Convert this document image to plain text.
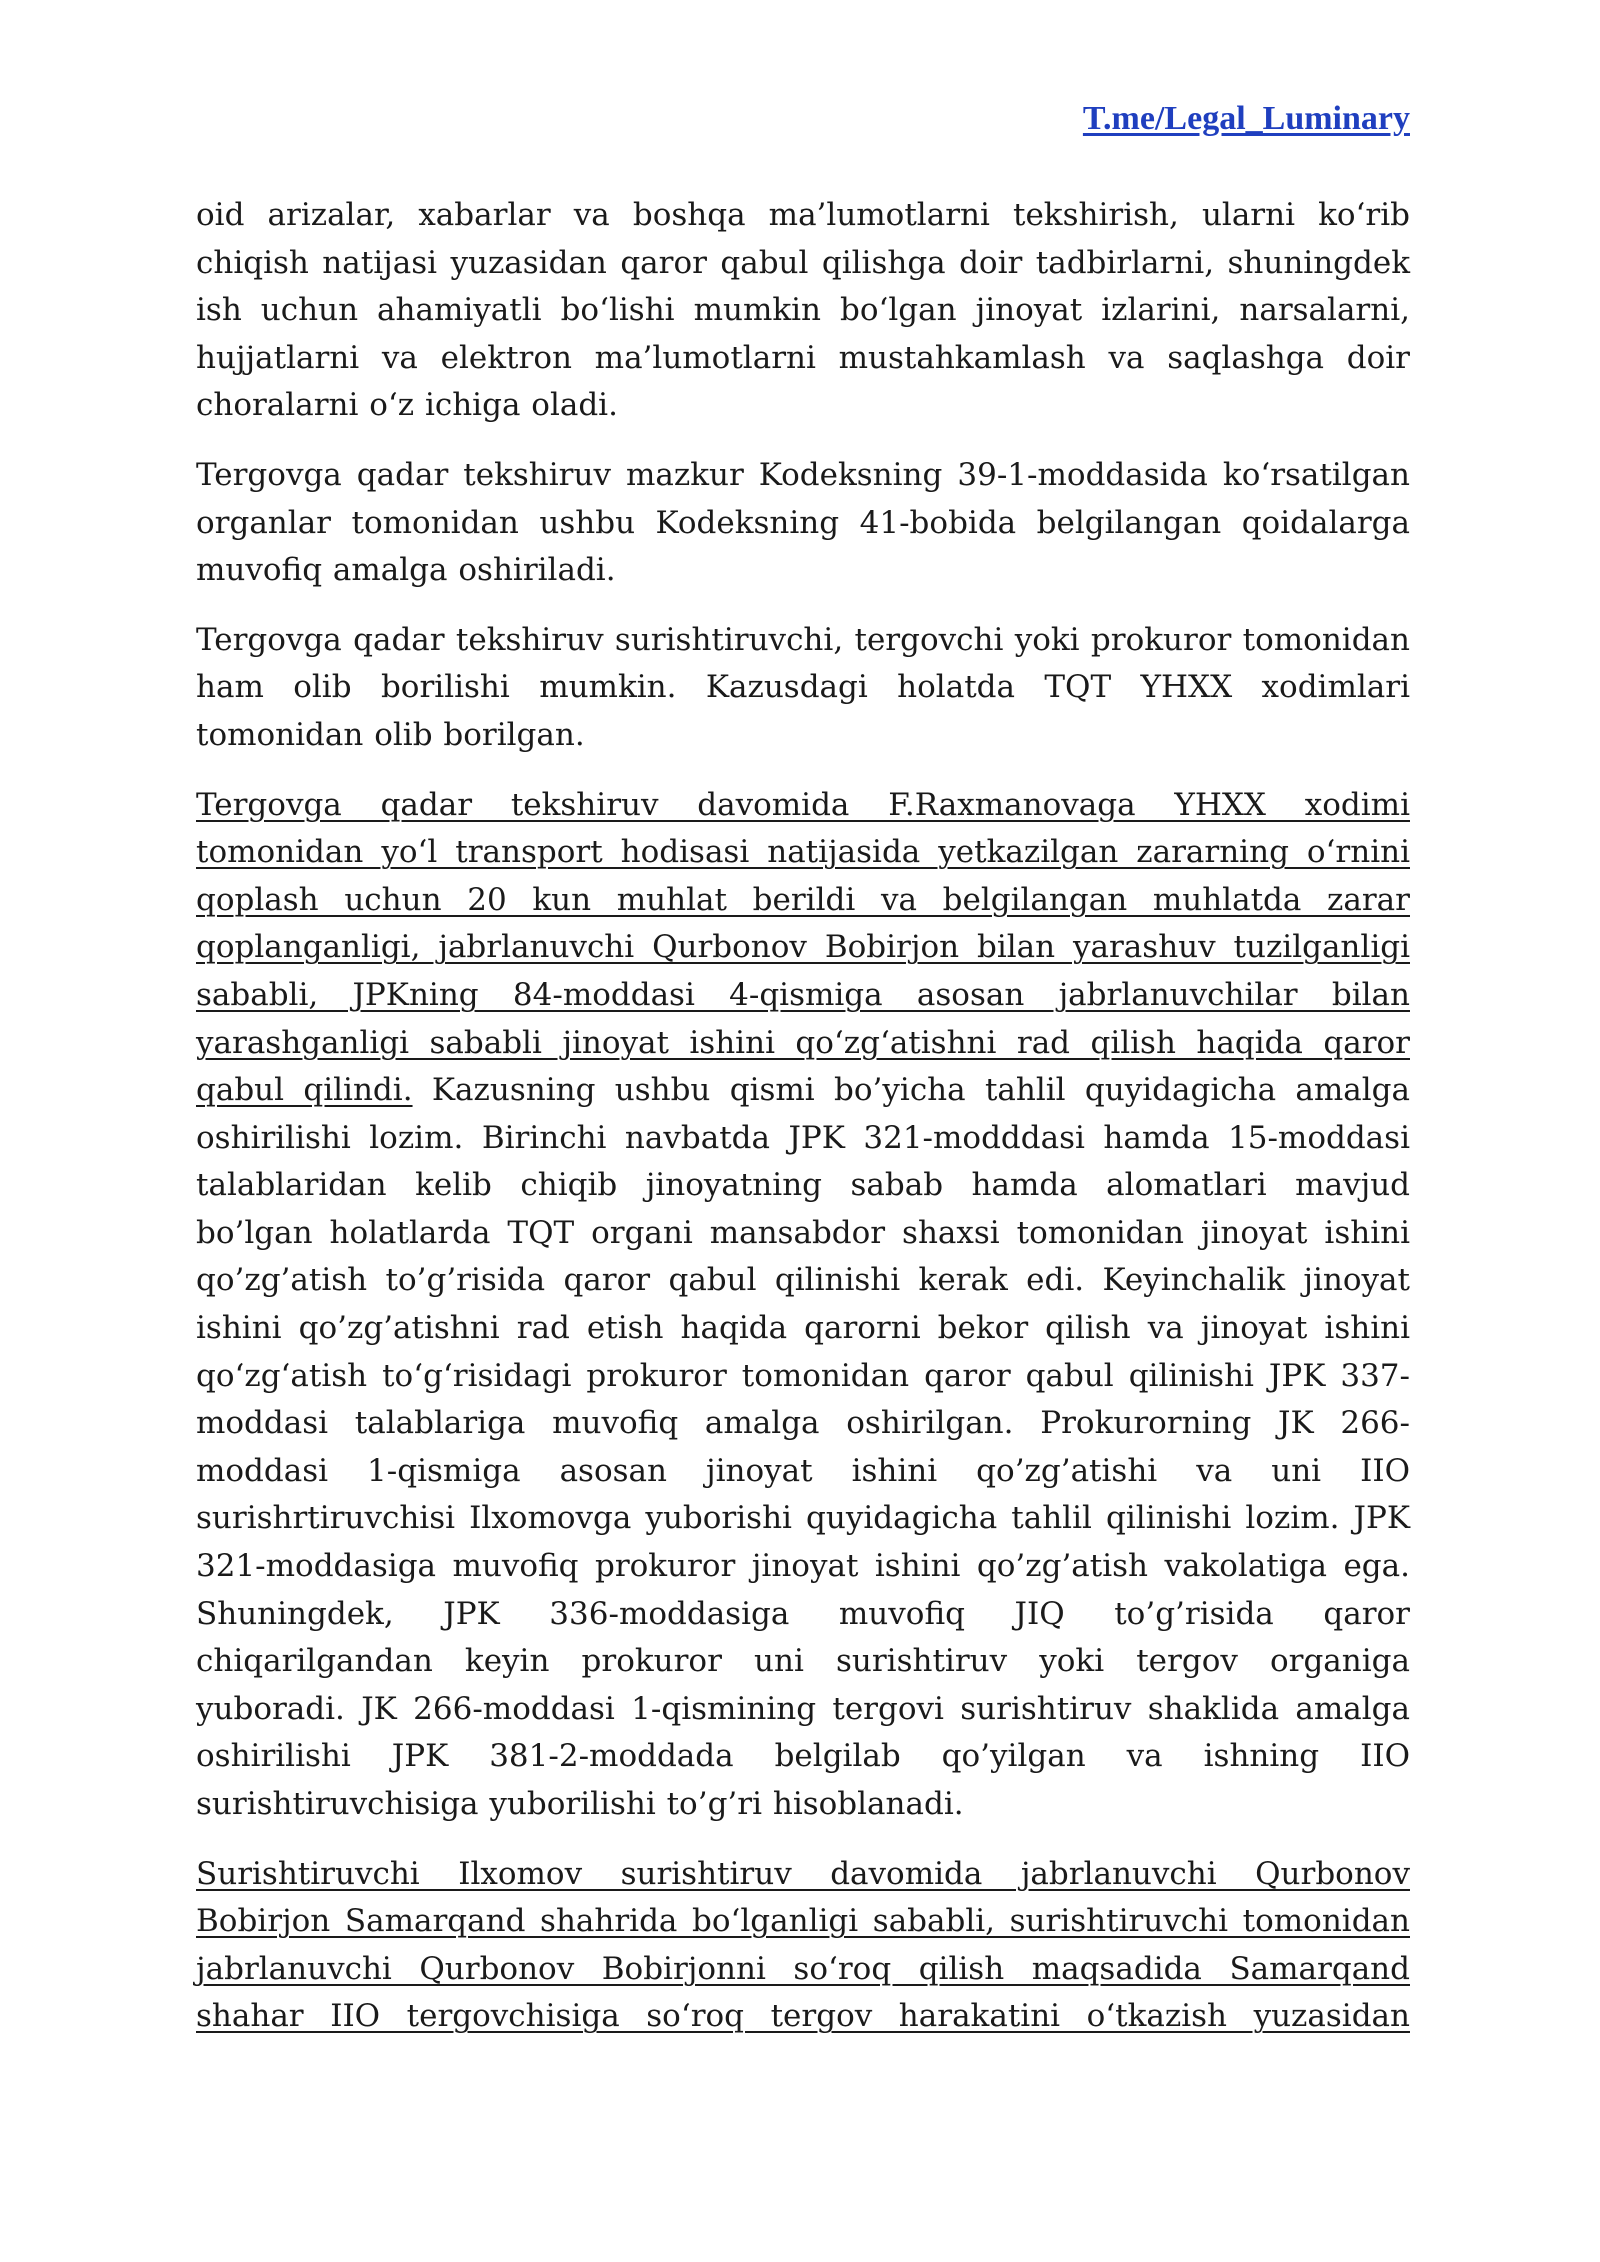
T.me/Legal_Luminary

oid arizalar, xabarlar va boshqa ma’lumotlarni tekshirish, ularni ko‘rib chiqish natijasi yuzasidan qaror qabul qilishga doir tadbirlarni, shuningdek ish uchun ahamiyatli bo‘lishi mumkin bo‘lgan jinoyat izlarini, narsalarni, hujjatlarni va elektron ma’lumotlarni mustahkamlash va saqlashga doir choralarni o‘z ichiga oladi.

Tergovga qadar tekshiruv mazkur Kodeksning 39-1-moddasida ko‘rsatilgan organlar tomonidan ushbu Kodeksning 41-bobida belgilangan qoidalarga muvofiq amalga oshiriladi.

Tergovga qadar tekshiruv surishtiruvchi, tergovchi yoki prokuror tomonidan ham olib borilishi mumkin. Kazusdagi holatda TQT YHXX xodimlari tomonidan olib borilgan.

Tergovga qadar tekshiruv davomida F.Raxmanovaga YHXX xodimi tomonidan yo‘l transport hodisasi natijasida yetkazilgan zararning o‘rnini qoplash uchun 20 kun muhlat berildi va belgilangan muhlatda zarar qoplanganligi, jabrlanuvchi Qurbonov Bobirjon bilan yarashuv tuzilganligi sababli, JPKning 84-moddasi 4-qismiga asosan jabrlanuvchilar bilan yarashganligi sababli jinoyat ishini qo‘zg‘atishni rad qilish haqida qaror qabul qilindi. Kazusning ushbu qismi bo’yicha tahlil quyidagicha amalga oshirilishi lozim. Birinchi navbatda JPK 321-modddasi hamda 15-moddasi talablaridan kelib chiqib jinoyatning sabab hamda alomatlari mavjud bo’lgan holatlarda TQT organi mansabdor shaxsi tomonidan jinoyat ishini qo’zg’atish to’g’risida qaror qabul qilinishi kerak edi. Keyinchalik jinoyat ishini qo’zg’atishni rad etish haqida qarorni bekor qilish va jinoyat ishini qo‘zg‘atish to‘g‘risidagi prokuror tomonidan qaror qabul qilinishi JPK 337-moddasi talablariga muvofiq amalga oshirilgan. Prokurorning JK 266-moddasi 1-qismiga asosan jinoyat ishini qo’zg’atishi va uni IIO surishrtiruvchisi Ilxomovga yuborishi quyidagicha tahlil qilinishi lozim. JPK 321-moddasiga muvofiq prokuror jinoyat ishini qo’zg’atish vakolatiga ega. Shuningdek, JPK 336-moddasiga muvofiq JIQ to’g’risida qaror chiqarilgandan keyin prokuror uni surishtiruv yoki tergov organiga yuboradi. JK 266-moddasi 1-qismining tergovi surishtiruv shaklida amalga oshirilishi JPK 381-2-moddada belgilab qo’yilgan va ishning IIO surishtiruvchisiga yuborilishi to’g’ri hisoblanadi.

Surishtiruvchi Ilxomov surishtiruv davomida jabrlanuvchi Qurbonov Bobirjon Samarqand shahrida bo‘lganligi sababli, surishtiruvchi tomonidan jabrlanuvchi Qurbonov Bobirjonni so‘roq qilish maqsadida Samarqand shahar IIO tergovchisiga so‘roq tergov harakatini o‘tkazish yuzasidan
